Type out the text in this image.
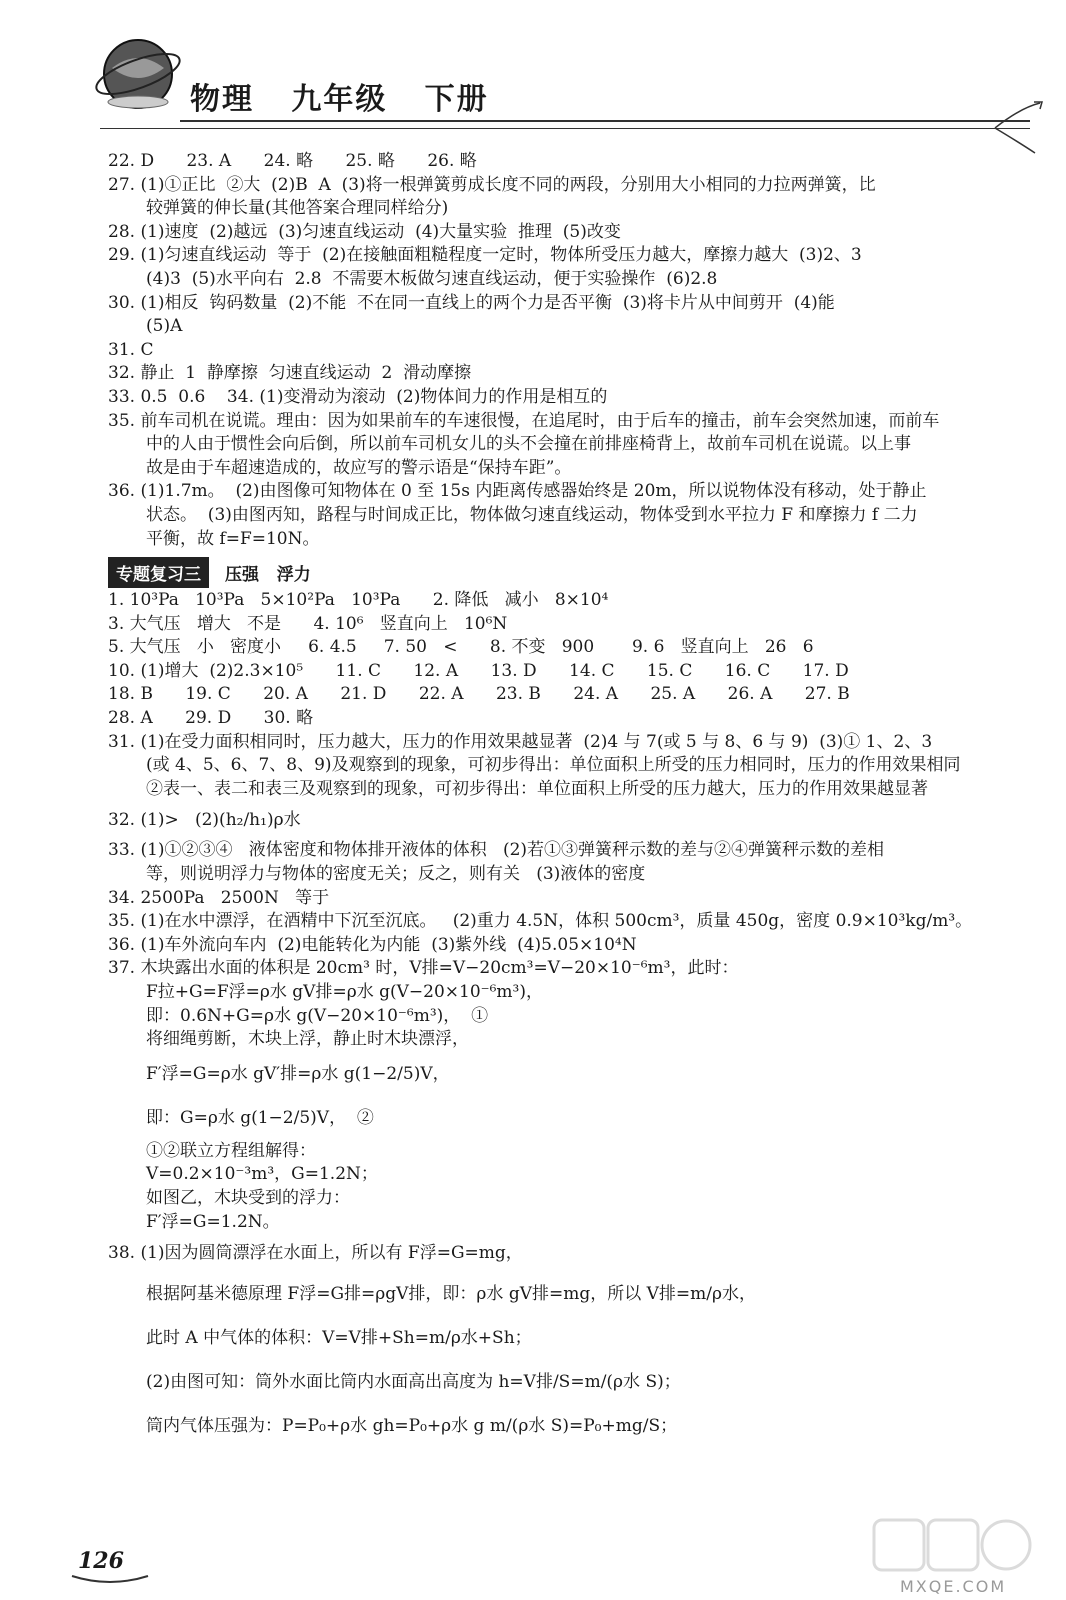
物理   九年级   下册
22. D      23. A      24. 略      25. 略      26. 略
27. (1)①正比  ②大  (2)B  A  (3)将一根弹簧剪成长度不同的两段，分别用大小相同的力拉两弹簧，比
较弹簧的伸长量(其他答案合理同样给分)
28. (1)速度  (2)越远  (3)匀速直线运动  (4)大量实验  推理  (5)改变
29. (1)匀速直线运动  等于  (2)在接触面粗糙程度一定时，物体所受压力越大，摩擦力越大  (3)2、3
(4)3  (5)水平向右  2.8  不需要木板做匀速直线运动，便于实验操作  (6)2.8
30. (1)相反  钩码数量  (2)不能  不在同一直线上的两个力是否平衡  (3)将卡片从中间剪开  (4)能
(5)A
31. C
32. 静止  1  静摩擦  匀速直线运动  2  滑动摩擦
33. 0.5  0.6    34. (1)变滑动为滚动  (2)物体间力的作用是相互的
35. 前车司机在说谎。理由：因为如果前车的车速很慢，在追尾时，由于后车的撞击，前车会突然加速，而前车
中的人由于惯性会向后倒，所以前车司机女儿的头不会撞在前排座椅背上，故前车司机在说谎。以上事
故是由于车超速造成的，故应写的警示语是“保持车距”。
36. (1)1.7m。  (2)由图像可知物体在 0 至 15s 内距离传感器始终是 20m，所以说物体没有移动，处于静止
状态。  (3)由图丙知，路程与时间成正比，物体做匀速直线运动，物体受到水平拉力 F 和摩擦力 f 二力
平衡，故 f=F=10N。
专题复习三	压强   浮力
1. 10³Pa   10³Pa   5×10²Pa   10³Pa      2. 降低   减小   8×10⁴
3. 大气压   增大   不是      4. 10⁶   竖直向上   10⁶N
5. 大气压   小   密度小     6. 4.5     7. 50   <      8. 不变   900       9. 6   竖直向上   26   6
10. (1)增大  (2)2.3×10⁵      11. C      12. A      13. D      14. C      15. C      16. C      17. D
18. B      19. C      20. A      21. D      22. A      23. B      24. A      25. A      26. A      27. B
28. A      29. D      30. 略
31. (1)在受力面积相同时，压力越大，压力的作用效果越显著  (2)4 与 7(或 5 与 8、6 与 9)  (3)① 1、2、3
(或 4、5、6、7、8、9)及观察到的现象，可初步得出：单位面积上所受的压力相同时，压力的作用效果相同
②表一、表二和表三及观察到的现象，可初步得出：单位面积上所受的压力越大，压力的作用效果越显著
32. (1)>   (2)(h₂/h₁)ρ水
33. (1)①②③④   液体密度和物体排开液体的体积   (2)若①③弹簧秤示数的差与②④弹簧秤示数的差相
等，则说明浮力与物体的密度无关；反之，则有关   (3)液体的密度
34. 2500Pa   2500N   等于
35. (1)在水中漂浮，在酒精中下沉至沉底。   (2)重力 4.5N，体积 500cm³，质量 450g，密度 0.9×10³kg/m³。
36. (1)车外流向车内  (2)电能转化为内能  (3)紫外线  (4)5.05×10⁴N
37. 木块露出水面的体积是 20cm³ 时，V排=V−20cm³=V−20×10⁻⁶m³，此时：
F拉+G=F浮=ρ水 gV排=ρ水 g(V−20×10⁻⁶m³)，
即：0.6N+G=ρ水 g(V−20×10⁻⁶m³)，  ①
将细绳剪断，木块上浮，静止时木块漂浮，
F′浮=G=ρ水 gV′排=ρ水 g(1−2/5)V，
即：G=ρ水 g(1−2/5)V，  ②
①②联立方程组解得：
V=0.2×10⁻³m³，G=1.2N；
如图乙，木块受到的浮力：
F′浮=G=1.2N。
38. (1)因为圆筒漂浮在水面上，所以有 F浮=G=mg，
根据阿基米德原理 F浮=G排=ρgV排，即：ρ水 gV排=mg，所以 V排=m/ρ水，
此时 A 中气体的体积：V=V排+Sh=m/ρ水+Sh；
(2)由图可知：筒外水面比筒内水面高出高度为 h=V排/S=m/(ρ水 S)；
筒内气体压强为：P=P₀+ρ水 gh=P₀+ρ水 g m/(ρ水 S)=P₀+mg/S；
126
MXQE.COM
